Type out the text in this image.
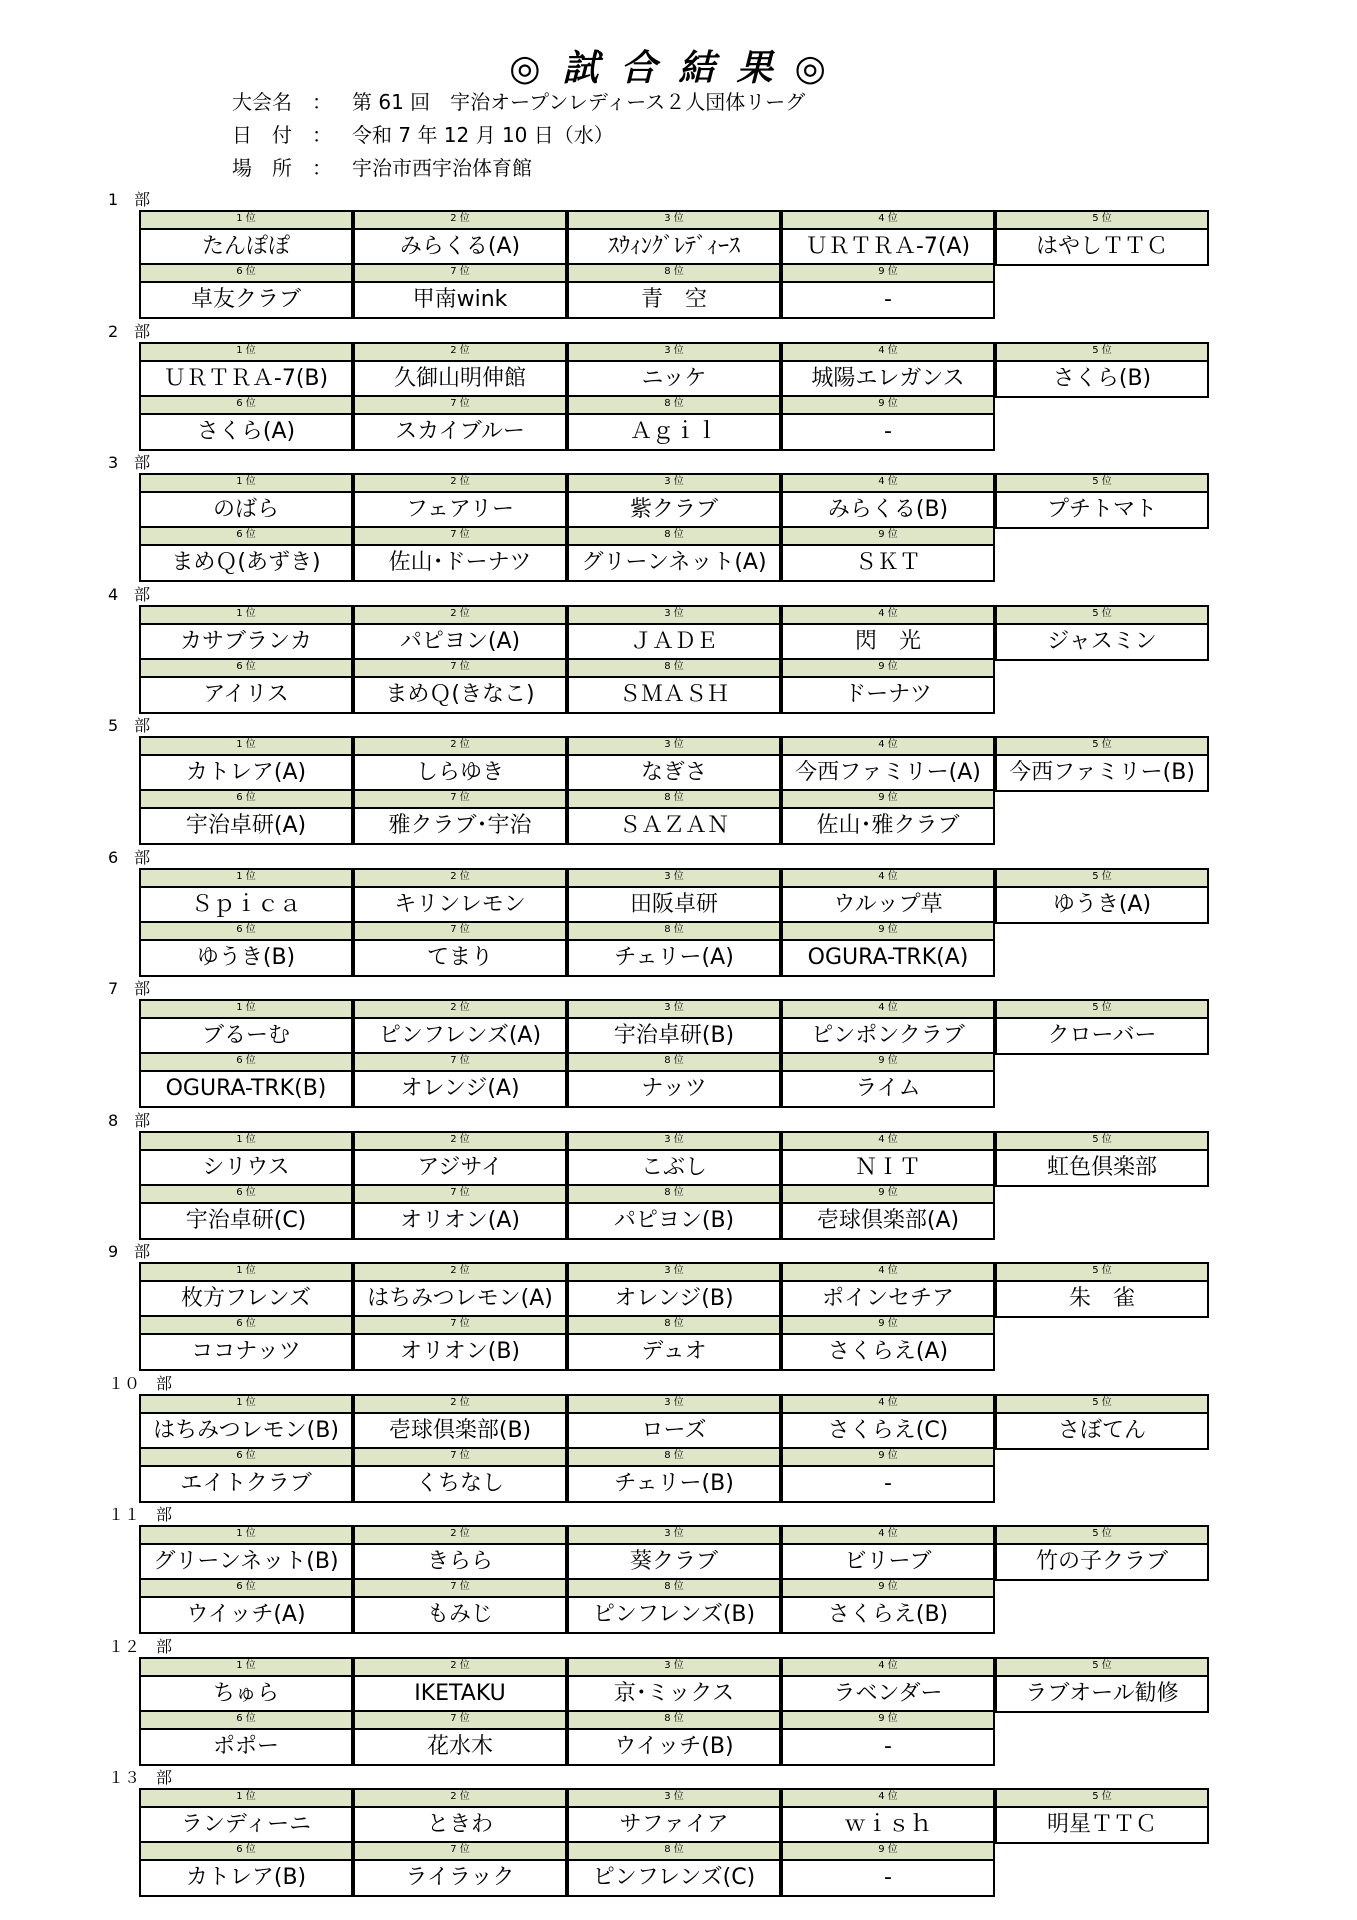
◎試合結果◎
大会名 ： 第 61 回　宇治オープンレディース２人団体リーグ
日　付 ： 令和 7 年 12 月 10 日（水）
場　所 ： 宇治市西宇治体育館
1　部
1 位
たんぽぽ
2 位
みらくる(A)
3 位
ｽｳｨﾝｸﾞﾚﾃﾞｨｰｽ
4 位
ＵＲＴＲＡ-7(A)
5 位
はやしＴＴＣ
6 位
卓友クラブ
7 位
甲南wink
8 位
青　空
9 位
-
2　部
1 位
ＵＲＴＲＡ-7(B)
2 位
久御山明伸館
3 位
ニッケ
4 位
城陽エレガンス
5 位
さくら(B)
6 位
さくら(A)
7 位
スカイブルー
8 位
Ａｇｉｌ
9 位
-
3　部
1 位
のばら
2 位
フェアリー
3 位
紫クラブ
4 位
みらくる(B)
5 位
プチトマト
6 位
まめＱ(あずき)
7 位
佐山･ドーナツ
8 位
グリーンネット(A)
9 位
ＳＫＴ
4　部
1 位
カサブランカ
2 位
パピヨン(A)
3 位
ＪＡＤＥ
4 位
閃　光
5 位
ジャスミン
6 位
アイリス
7 位
まめＱ(きなこ)
8 位
ＳＭＡＳＨ
9 位
ドーナツ
5　部
1 位
カトレア(A)
2 位
しらゆき
3 位
なぎさ
4 位
今西ファミリー(A)
5 位
今西ファミリー(B)
6 位
宇治卓研(A)
7 位
雅クラブ･宇治
8 位
ＳＡＺＡＮ
9 位
佐山･雅クラブ
6　部
1 位
Ｓｐｉｃａ
2 位
キリンレモン
3 位
田阪卓研
4 位
ウルップ草
5 位
ゆうき(A)
6 位
ゆうき(B)
7 位
てまり
8 位
チェリー(A)
9 位
OGURA-TRK(A)
7　部
1 位
ブるーむ
2 位
ピンフレンズ(A)
3 位
宇治卓研(B)
4 位
ピンポンクラブ
5 位
クローバー
6 位
OGURA-TRK(B)
7 位
オレンジ(A)
8 位
ナッツ
9 位
ライム
8　部
1 位
シリウス
2 位
アジサイ
3 位
こぶし
4 位
ＮＩＴ
5 位
虹色倶楽部
6 位
宇治卓研(C)
7 位
オリオン(A)
8 位
パピヨン(B)
9 位
壱球倶楽部(A)
9　部
1 位
枚方フレンズ
2 位
はちみつレモン(A)
3 位
オレンジ(B)
4 位
ポインセチア
5 位
朱　雀
6 位
ココナッツ
7 位
オリオン(B)
8 位
デュオ
9 位
さくらえ(A)
１０　部
1 位
はちみつレモン(B)
2 位
壱球倶楽部(B)
3 位
ローズ
4 位
さくらえ(C)
5 位
さぼてん
6 位
エイトクラブ
7 位
くちなし
8 位
チェリー(B)
9 位
-
１１　部
1 位
グリーンネット(B)
2 位
きらら
3 位
葵クラブ
4 位
ビリーブ
5 位
竹の子クラブ
6 位
ウイッチ(A)
7 位
もみじ
8 位
ピンフレンズ(B)
9 位
さくらえ(B)
１２　部
1 位
ちゅら
2 位
IKETAKU
3 位
京･ミックス
4 位
ラベンダー
5 位
ラブオール勧修
6 位
ポポー
7 位
花水木
8 位
ウイッチ(B)
9 位
-
１３　部
1 位
ランディーニ
2 位
ときわ
3 位
サファイア
4 位
ｗｉｓｈ
5 位
明星ＴＴＣ
6 位
カトレア(B)
7 位
ライラック
8 位
ピンフレンズ(C)
9 位
-
